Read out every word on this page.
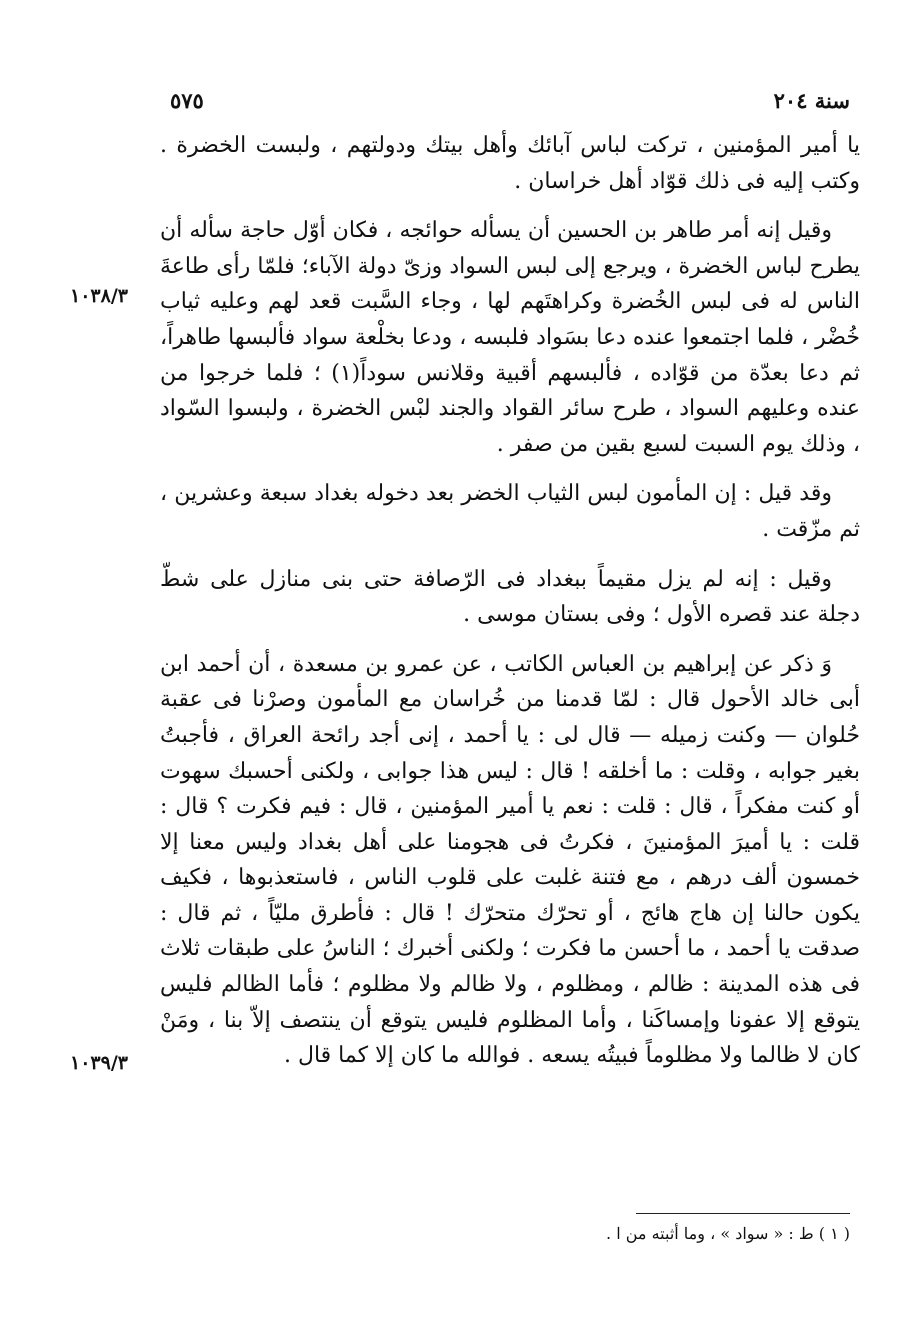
سنة ٢٠٤
٥٧٥

يا أمير المؤمنين ، تركت لباس آبائك وأهل بيتك ودولتهم ، ولبست الخضرة . وكتب إليه فى ذلك قوّاد أهل خراسان .

وقيل إنه أمر طاهر بن الحسين أن يسأله حوائجه ، فكان أوّل حاجة سأله أن يطرح لباس الخضرة ، ويرجع إلى لبس السواد وزىّ دولة الآباء؛ فلمّا رأى طاعةَ الناس له فى لبس الخُضرة وكراهتَهم لها ، وجاء السَّبت قعد لهم وعليه ثياب خُضْر ، فلما اجتمعوا عنده دعا بسَواد فلبسه ، ودعا بخلْعة سواد فألبسها طاهراً، ثم دعا بعدّة من قوّاده ، فألبسهم أقبية وقلانس سوداً(١) ؛ فلما خرجوا من عنده وعليهم السواد ، طرح سائر القواد والجند لبْس الخضرة ، ولبسوا السّواد ، وذلك يوم السبت لسبع بقين من صفر .

وقد قيل : إن المأمون لبس الثياب الخضر بعد دخوله بغداد سبعة وعشرين ، ثم مزّقت .

وقيل : إنه لم يزل مقيماً ببغداد فى الرّصافة حتى بنى منازل على شطّ دجلة عند قصره الأول ؛ وفى بستان موسى .

وَ ذكر عن إبراهيم بن العباس الكاتب ، عن عمرو بن مسعدة ، أن أحمد ابن أبى خالد الأحول قال : لمّا قدمنا من خُراسان مع المأمون وصرْنا فى عقبة حُلوان — وكنت زميله — قال لى : يا أحمد ، إنى أجد رائحة العراق ، فأجبتُ بغير جوابه ، وقلت : ما أخلقه ! قال : ليس هذا جوابى ، ولكنى أحسبك سهوت أو كنت مفكراً ، قال : قلت : نعم يا أمير المؤمنين ، قال : فيم فكرت ؟ قال : قلت : يا أميرَ المؤمنينَ ، فكرتُ فى هجومنا على أهل بغداد وليس معنا إلا خمسون ألف درهم ، مع فتنة غلبت على قلوب الناس ، فاستعذبوها ، فكيف يكون حالنا إن هاج هائج ، أو تحرّك متحرّك ! قال : فأطرق مليّاً ، ثم قال : صدقت يا أحمد ، ما أحسن ما فكرت ؛ ولكنى أخبرك ؛ الناسُ على طبقات ثلاث فى هذه المدينة : ظالم ، ومظلوم ، ولا ظالم ولا مظلوم ؛ فأما الظالم فليس يتوقع إلا عفونا وإمساكَنا ، وأما المظلوم فليس يتوقع أن ينتصف إلاّ بنا ، ومَنْ كان لا ظالما ولا مظلوماً فبيتُه يسعه . فوالله ما كان إلا كما قال .

١٠٣٨/٣
١٠٣٩/٣
( ١ ) ط : « سواد » ، وما أثبته من ا .
